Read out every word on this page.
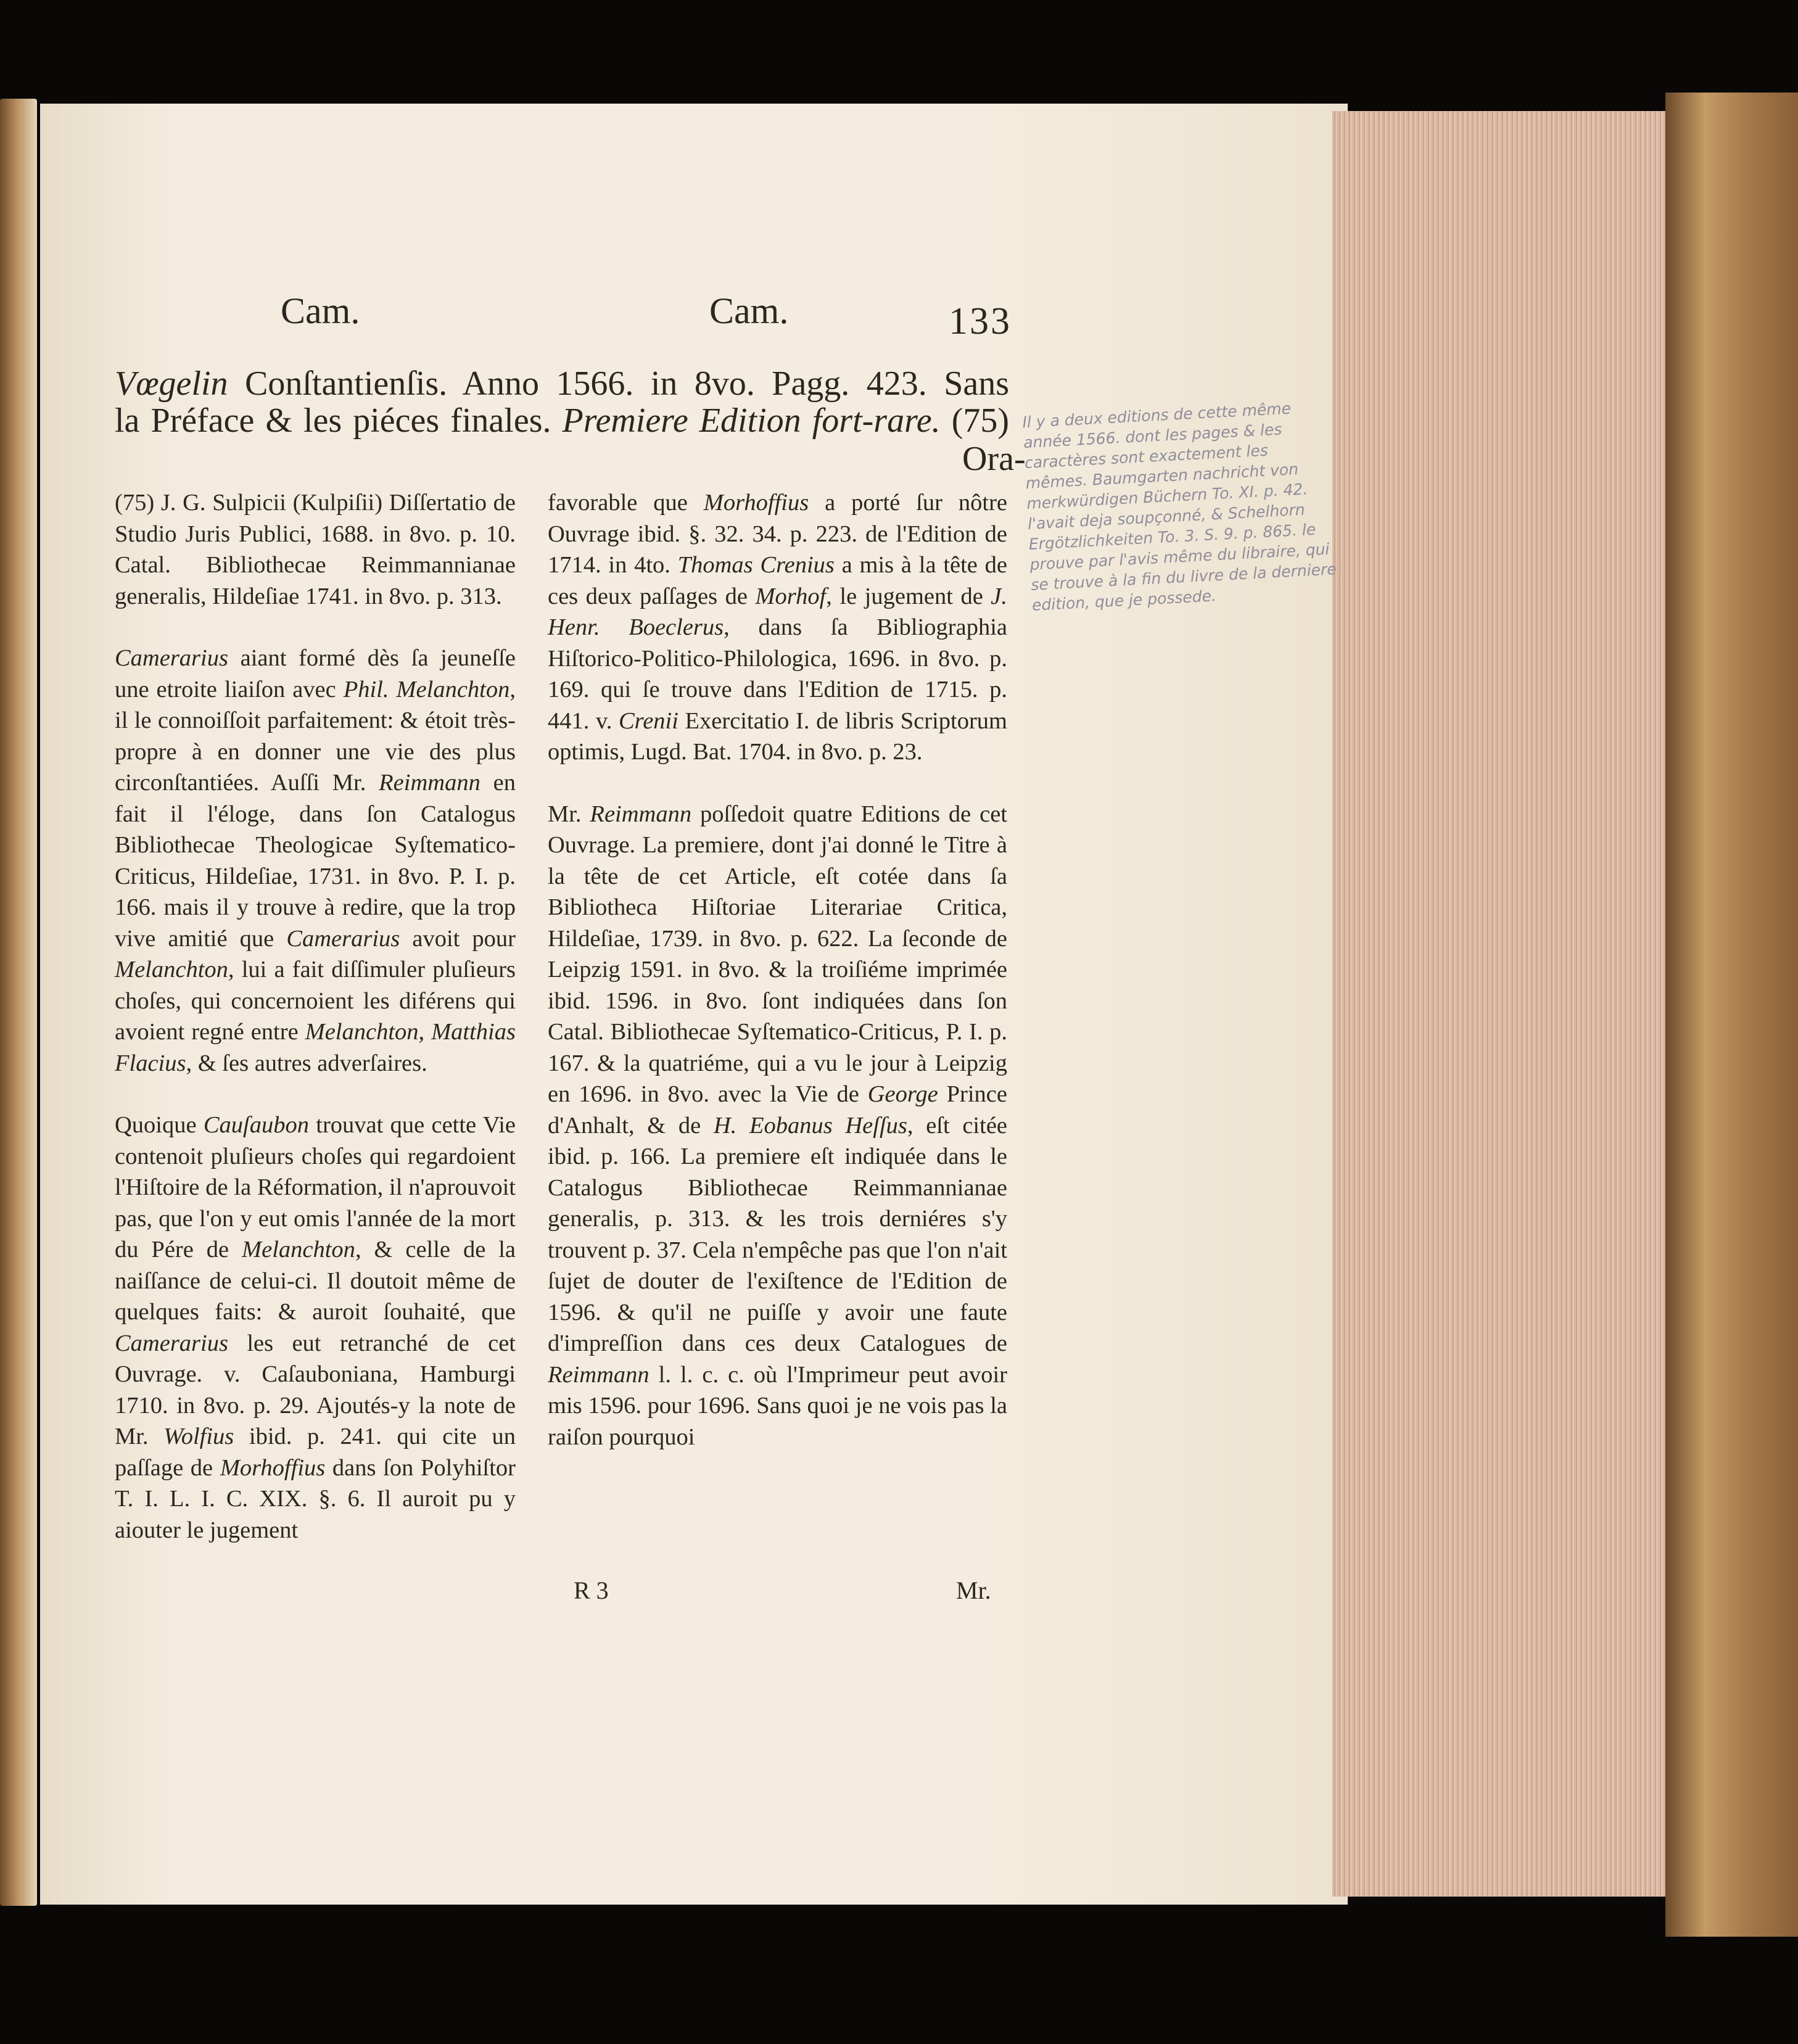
Cam.	Cam.	133
Vœgelin Conſtantienſis. Anno 1566. in 8vo. Pagg. 423. Sans
la Préface & les piéces finales. Premiere Edition fort-rare. (75)
Ora-

(75) J. G. Sulpicii (Kulpiſii) Diſſertatio de Studio Juris Publici, 1688. in 8vo. p. 10. Catal. Bibliothecae Reimmannianae generalis, Hildeſiae 1741. in 8vo. p. 313.

Camerarius aiant formé dès ſa jeuneſſe une etroite liaiſon avec Phil. Melanchton, il le connoiſſoit parfaitement: & étoit très-propre à en donner une vie des plus circonſtantiées. Auſſi Mr. Reimmann en fait il l'éloge, dans ſon Catalogus Bibliothecae Theologicae Syſtematico-Criticus, Hildeſiae, 1731. in 8vo. P. I. p. 166. mais il y trouve à redire, que la trop vive amitié que Camerarius avoit pour Melanchton, lui a fait diſſimuler pluſieurs choſes, qui concernoient les diférens qui avoient regné entre Melanchton, Matthias Flacius, & ſes autres adverſaires.

Quoique Cauſaubon trouvat que cette Vie contenoit pluſieurs choſes qui regardoient l'Hiſtoire de la Réformation, il n'aprouvoit pas, que l'on y eut omis l'année de la mort du Pére de Melanchton, & celle de la naiſſance de celui-ci. Il doutoit même de quelques faits: & auroit ſouhaité, que Camerarius les eut retranché de cet Ouvrage. v. Caſauboniana, Hamburgi 1710. in 8vo. p. 29. Ajoutés-y la note de Mr. Wolfius ibid. p. 241. qui cite un paſſage de Morhoffius dans ſon Polyhiſtor T. I. L. I. C. XIX. §. 6. Il auroit pu y aiouter le jugement

favorable que Morhoffius a porté ſur nôtre Ouvrage ibid. §. 32. 34. p. 223. de l'Edition de 1714. in 4to. Thomas Crenius a mis à la tête de ces deux paſſages de Morhof, le jugement de J. Henr. Boeclerus, dans ſa Bibliographia Hiſtorico-Politico-Philologica, 1696. in 8vo. p. 169. qui ſe trouve dans l'Edition de 1715. p. 441. v. Crenii Exercitatio I. de libris Scriptorum optimis, Lugd. Bat. 1704. in 8vo. p. 23.

Mr. Reimmann poſſedoit quatre Editions de cet Ouvrage. La premiere, dont j'ai donné le Titre à la tête de cet Article, eſt cotée dans ſa Bibliotheca Hiſtoriae Literariae Critica, Hildeſiae, 1739. in 8vo. p. 622. La ſeconde de Leipzig 1591. in 8vo. & la troiſiéme imprimée ibid. 1596. in 8vo. ſont indiquées dans ſon Catal. Bibliothecae Syſtematico-Criticus, P. I. p. 167. & la quatriéme, qui a vu le jour à Leipzig en 1696. in 8vo. avec la Vie de George Prince d'Anhalt, & de H. Eobanus Heſſus, eſt citée ibid. p. 166. La premiere eſt indiquée dans le Catalogus Bibliothecae Reimmannianae generalis, p. 313. & les trois derniéres s'y trouvent p. 37. Cela n'empêche pas que l'on n'ait ſujet de douter de l'exiſtence de l'Edition de 1596. & qu'il ne puiſſe y avoir une faute d'impreſſion dans ces deux Catalogues de Reimmann l. l. c. c. où l'Imprimeur peut avoir mis 1596. pour 1696. Sans quoi je ne vois pas la raiſon pourquoi

R 3	Mr.
Il y a deux editions de cette même année 1566. dont les pages & les caractères sont exactement les mêmes. Baumgarten nachricht von merkwürdigen Büchern To. XI. p. 42. l'avait deja soupçonné, & Schelhorn Ergötzlichkeiten To. 3. S. 9. p. 865. le prouve par l'avis même du libraire, qui se trouve à la fin du livre de la derniere edition, que je possede.
